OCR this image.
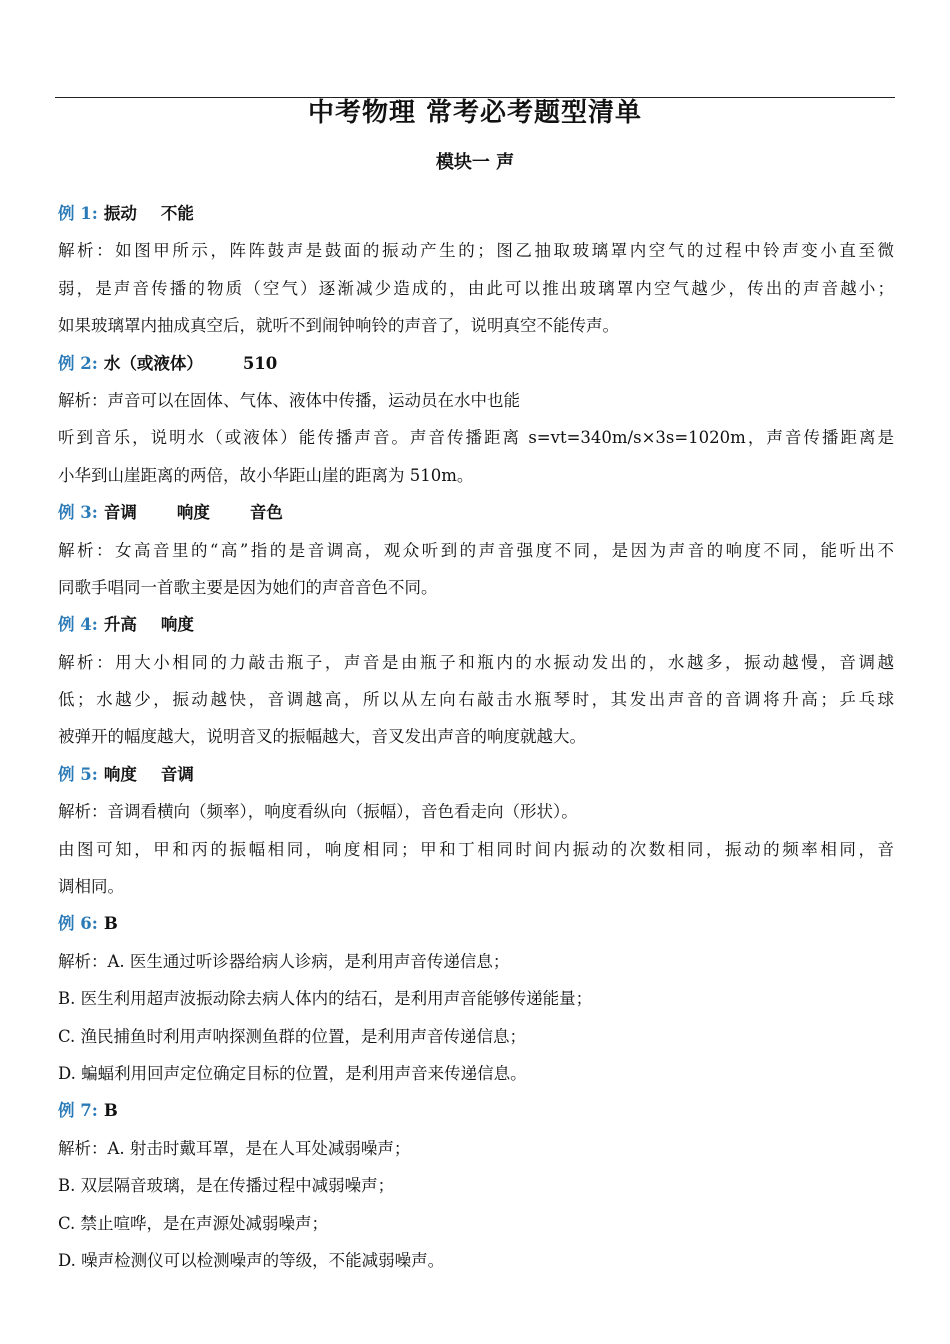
中考物理 常考必考题型清单
模块一 声
例 1: 振动 不能
解析：如图甲所示，阵阵鼓声是鼓面的振动产生的；图乙抽取玻璃罩内空气的过程中铃声变小直至微
弱，是声音传播的物质（空气）逐渐减少造成的，由此可以推出玻璃罩内空气越少，传出的声音越小；
如果玻璃罩内抽成真空后，就听不到闹钟响铃的声音了，说明真空不能传声。
例 2: 水（或液体） 510
解析：声音可以在固体、气体、液体中传播，运动员在水中也能
听到音乐，说明水（或液体）能传播声音。声音传播距离 s=vt=340m/s×3s=1020m，声音传播距离是
小华到山崖距离的两倍，故小华距山崖的距离为 510m。
例 3: 音调 响度 音色
解析：女高音里的“高”指的是音调高，观众听到的声音强度不同，是因为声音的响度不同，能听出不
同歌手唱同一首歌主要是因为她们的声音音色不同。
例 4: 升高 响度
解析：用大小相同的力敲击瓶子，声音是由瓶子和瓶内的水振动发出的，水越多，振动越慢，音调越
低；水越少，振动越快，音调越高，所以从左向右敲击水瓶琴时，其发出声音的音调将升高；乒乓球
被弹开的幅度越大，说明音叉的振幅越大，音叉发出声音的响度就越大。
例 5: 响度 音调
解析：音调看横向（频率），响度看纵向（振幅），音色看走向（形状）。
由图可知，甲和丙的振幅相同，响度相同；甲和丁相同时间内振动的次数相同，振动的频率相同，音
调相同。
例 6: B
解析：A. 医生通过听诊器给病人诊病，是利用声音传递信息；
B. 医生利用超声波振动除去病人体内的结石，是利用声音能够传递能量；
C. 渔民捕鱼时利用声呐探测鱼群的位置，是利用声音传递信息；
D. 蝙蝠利用回声定位确定目标的位置，是利用声音来传递信息。
例 7: B
解析：A. 射击时戴耳罩，是在人耳处减弱噪声；
B. 双层隔音玻璃，是在传播过程中减弱噪声；
C. 禁止喧哗，是在声源处减弱噪声；
D. 噪声检测仪可以检测噪声的等级，不能减弱噪声。
